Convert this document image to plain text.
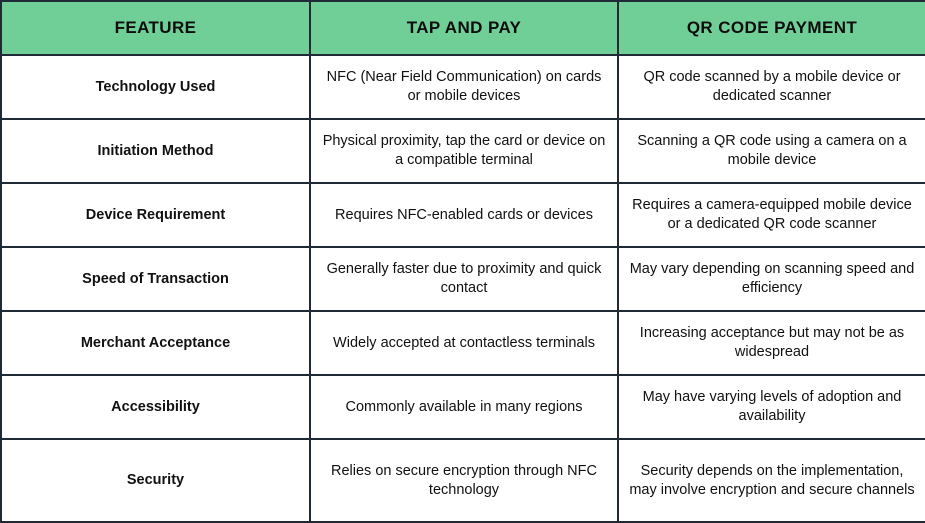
FEATURE	TAP AND PAY	QR CODE PAYMENT
Technology Used	NFC (Near Field Communication) on cards or mobile devices	QR code scanned by a mobile device or dedicated scanner
Initiation Method	Physical proximity, tap the card or device on a compatible terminal	Scanning a QR code using a camera on a mobile device
Device Requirement	Requires NFC-enabled cards or devices	Requires a camera-equipped mobile device or a dedicated QR code scanner
Speed of Transaction	Generally faster due to proximity and quick contact	May vary depending on scanning speed and efficiency
Merchant Acceptance	Widely accepted at contactless terminals	Increasing acceptance but may not be as widespread
Accessibility	Commonly available in many regions	May have varying levels of adoption and availability
Security	Relies on secure encryption through NFC technology	Security depends on the implementation, may involve encryption and secure channels
